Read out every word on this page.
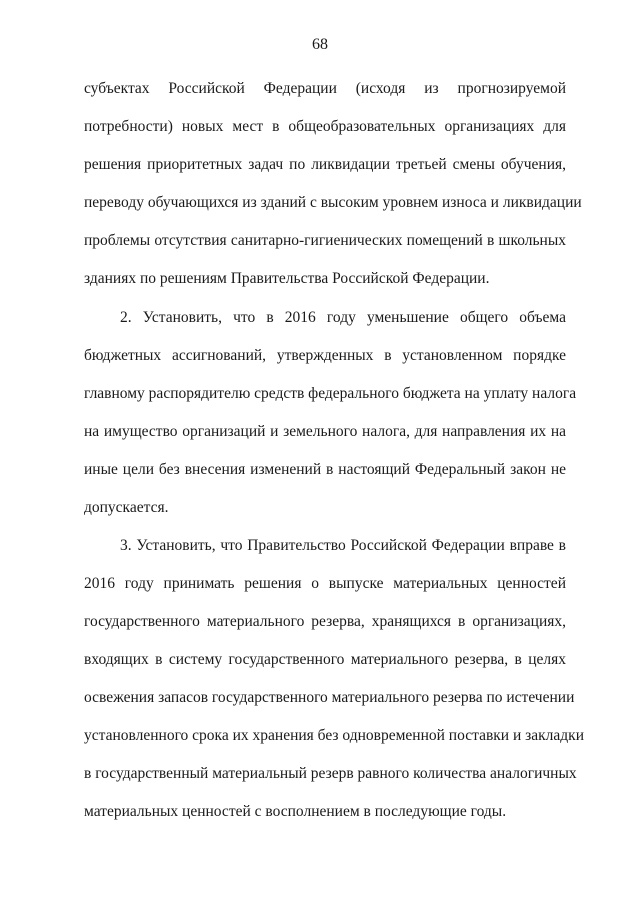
68
субъектах Российской Федерации (исходя из прогнозируемой
потребности) новых мест в общеобразовательных организациях для
решения приоритетных задач по ликвидации третьей смены обучения,
переводу обучающихся из зданий с высоким уровнем износа и ликвидации
проблемы отсутствия санитарно-гигиенических помещений в школьных
зданиях по решениям Правительства Российской Федерации.
2. Установить, что в 2016 году уменьшение общего объема
бюджетных ассигнований, утвержденных в установленном порядке
главному распорядителю средств федерального бюджета на уплату налога
на имущество организаций и земельного налога, для направления их на
иные цели без внесения изменений в настоящий Федеральный закон не
допускается.
3. Установить, что Правительство Российской Федерации вправе в
2016 году принимать решения о выпуске материальных ценностей
государственного материального резерва, хранящихся в организациях,
входящих в систему государственного материального резерва, в целях
освежения запасов государственного материального резерва по истечении
установленного срока их хранения без одновременной поставки и закладки
в государственный материальный резерв равного количества аналогичных
материальных ценностей с восполнением в последующие годы.
